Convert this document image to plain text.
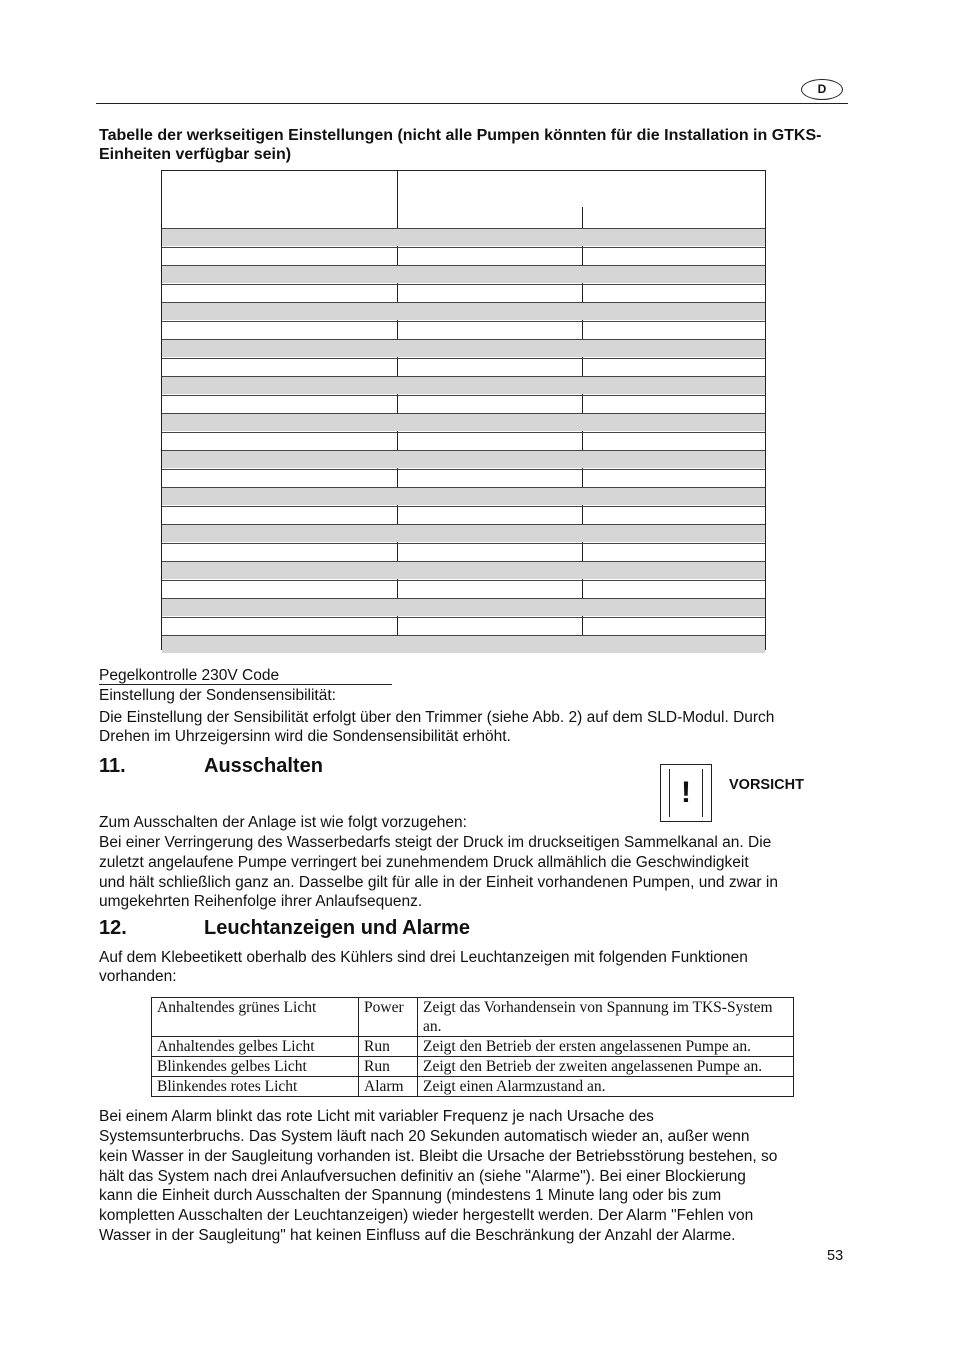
D
Tabelle der werkseitigen Einstellungen (nicht alle Pumpen könnten für die Installation in GTKS-Einheiten verfügbar sein)
Pegelkontrolle 230V Code
Einstellung der Sondensensibilität:
Die Einstellung der Sensibilität erfolgt über den Trimmer (siehe Abb. 2) auf dem SLD-Modul. Durch
Drehen im Uhrzeigersinn wird die Sondensensibilität erhöht.
11.	Ausschalten
!	VORSICHT
Zum Ausschalten der Anlage ist wie folgt vorzugehen:
Bei einer Verringerung des Wasserbedarfs steigt der Druck im druckseitigen Sammelkanal an. Die
zuletzt angelaufene Pumpe verringert bei zunehmendem Druck allmählich die Geschwindigkeit
und hält schließlich ganz an. Dasselbe gilt für alle in der Einheit vorhandenen Pumpen, und zwar in
umgekehrten Reihenfolge ihrer Anlaufsequenz.
12.	Leuchtanzeigen und Alarme
Auf dem Klebeetikett oberhalb des Kühlers sind drei Leuchtanzeigen mit folgenden Funktionen
vorhanden:
Anhaltendes grünes Licht	Power	Zeigt das Vorhandensein von Spannung im TKS-System an.
Anhaltendes gelbes Licht	Run	Zeigt den Betrieb der ersten angelassenen Pumpe an.
Blinkendes gelbes Licht	Run	Zeigt den Betrieb der zweiten angelassenen Pumpe an.
Blinkendes rotes Licht	Alarm	Zeigt einen Alarmzustand an.
Bei einem Alarm blinkt das rote Licht mit variabler Frequenz je nach Ursache des
Systemsunterbruchs. Das System läuft nach 20 Sekunden automatisch wieder an, außer wenn
kein Wasser in der Saugleitung vorhanden ist. Bleibt die Ursache der Betriebsstörung bestehen, so
hält das System nach drei Anlaufversuchen definitiv an (siehe "Alarme"). Bei einer Blockierung
kann die Einheit durch Ausschalten der Spannung (mindestens 1 Minute lang oder bis zum
kompletten Ausschalten der Leuchtanzeigen) wieder hergestellt werden. Der Alarm "Fehlen von
Wasser in der Saugleitung" hat keinen Einfluss auf die Beschränkung der Anzahl der Alarme.
53
